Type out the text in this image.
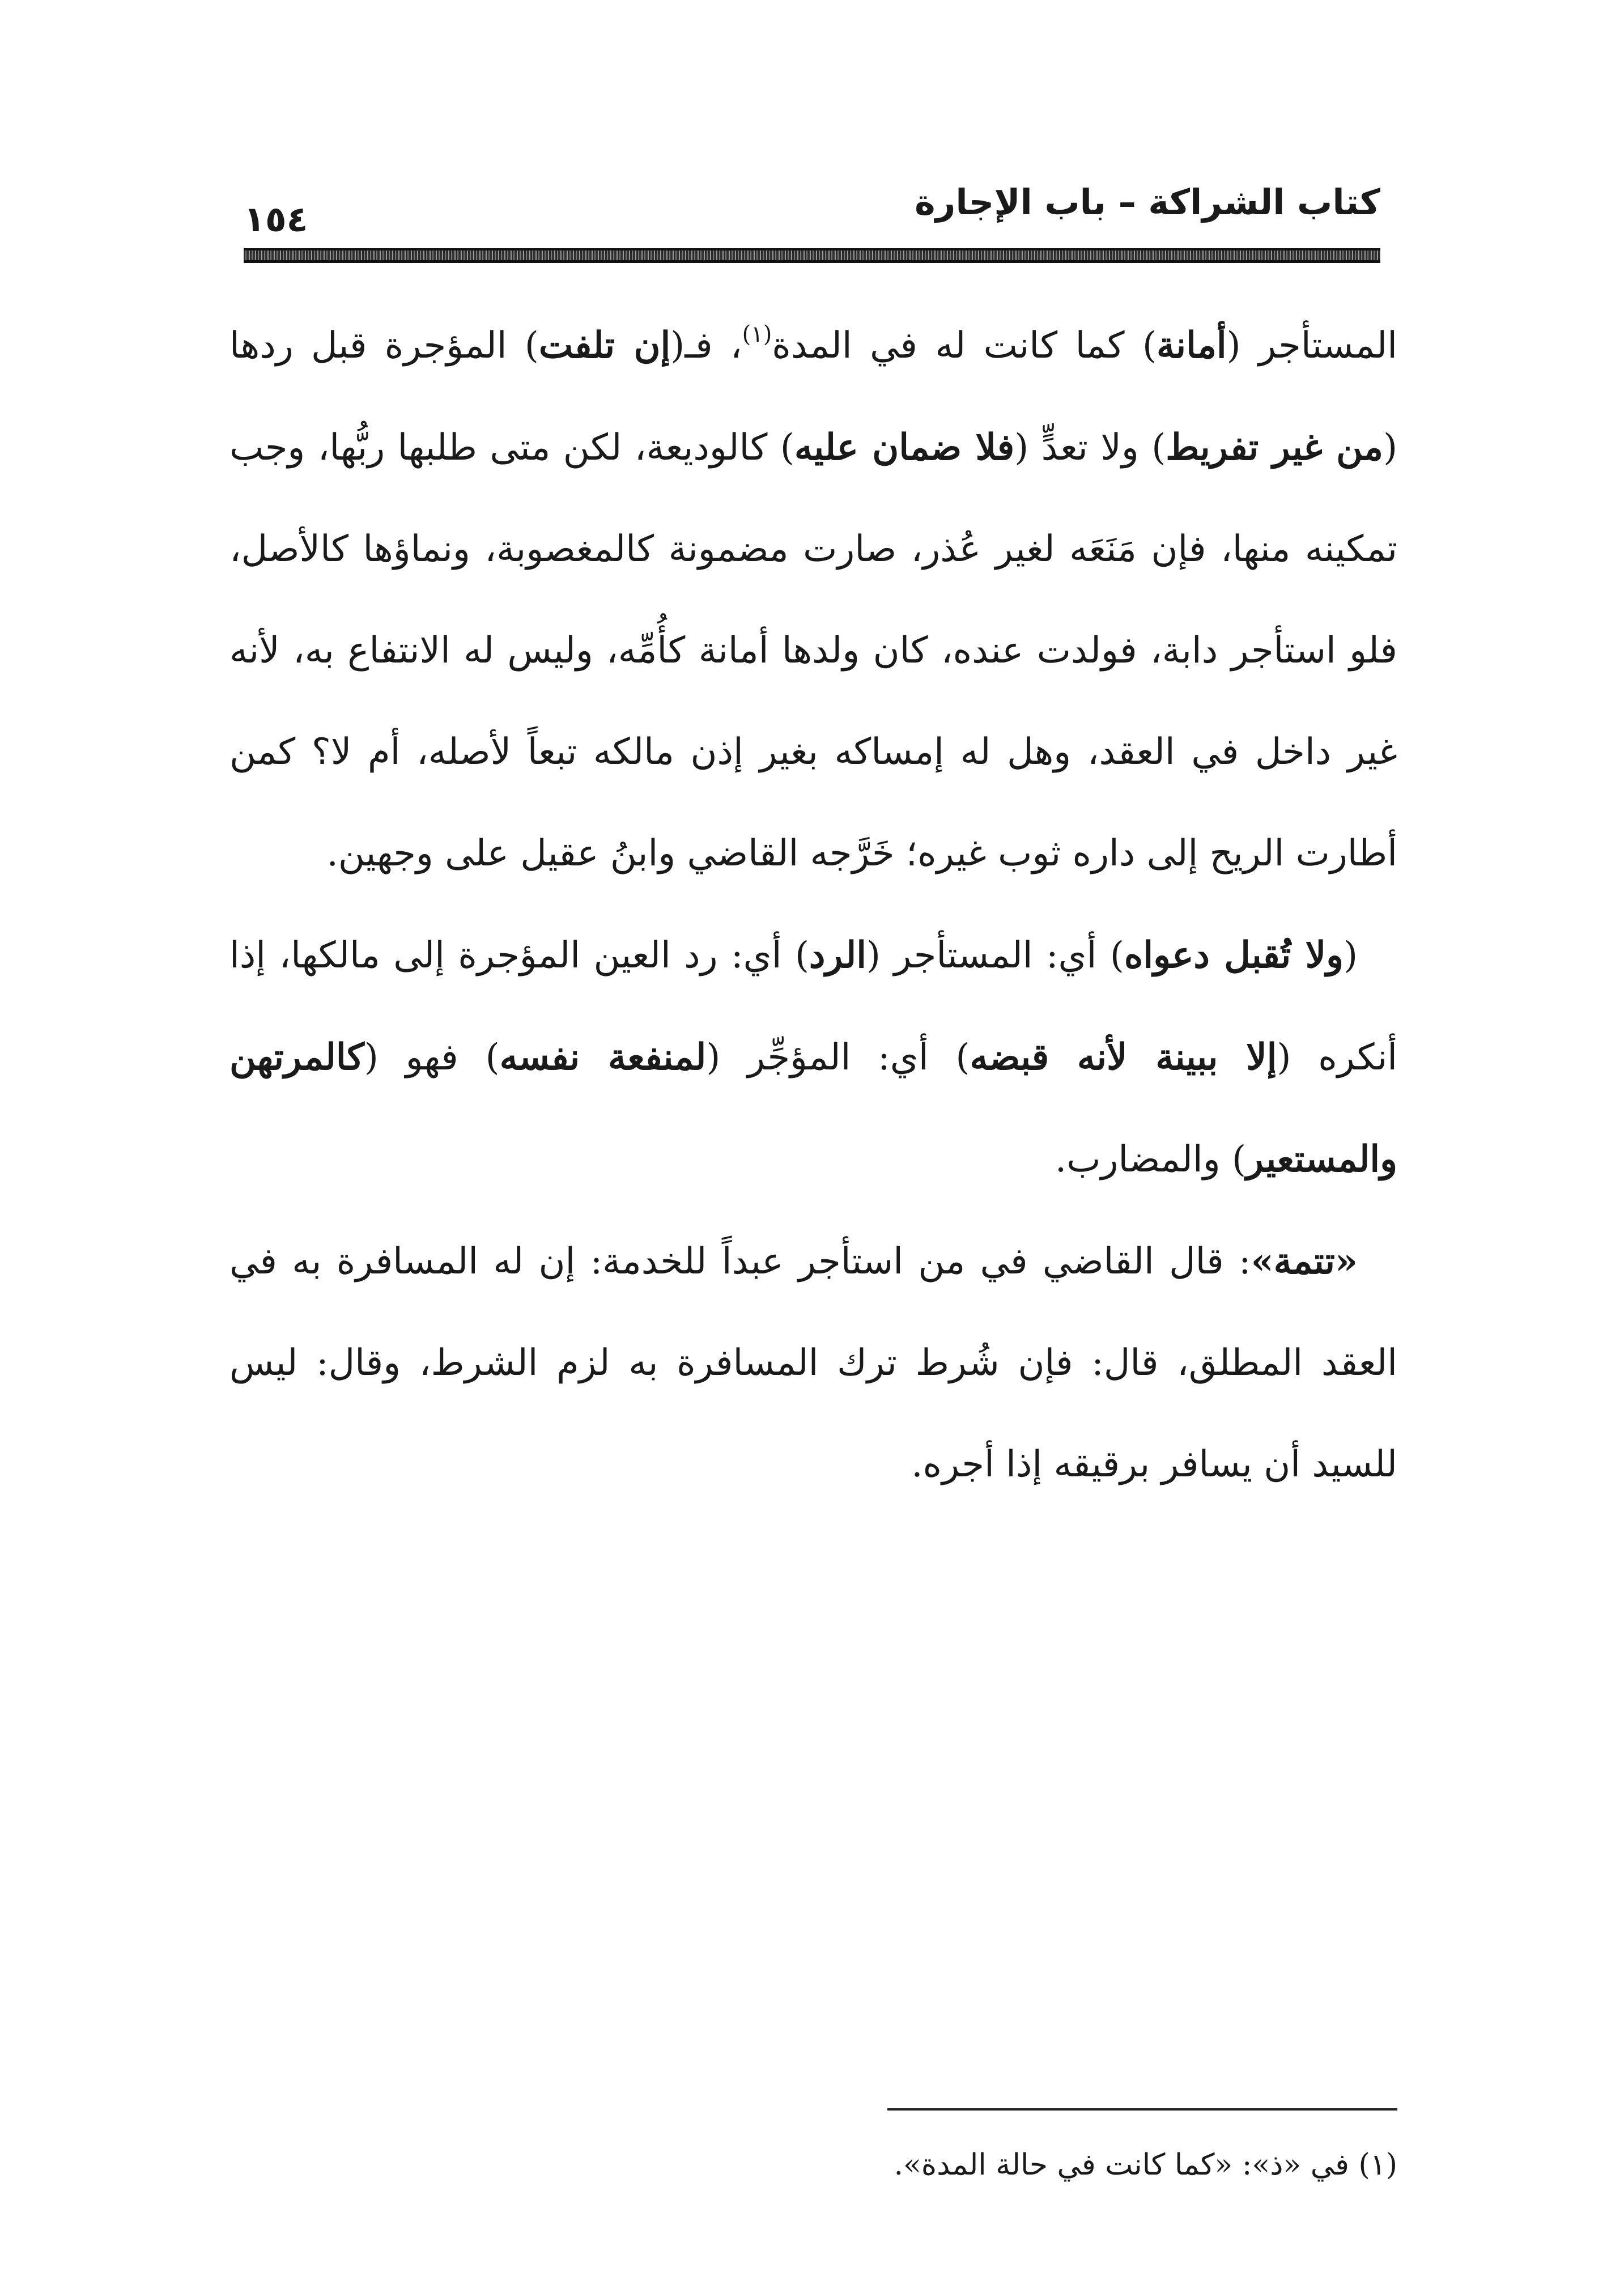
كتاب الشراكة – باب الإجارة
١٥٤

المستأجر (أمانة) كما كانت له في المدة$^{(١)}$، فـ(إن تلفت) المؤجرة قبل ردها (من غير تفريط) ولا تعدٍّ (فلا ضمان عليه) كالوديعة، لكن متى طلبها ربُّها، وجب تمكينه منها، فإن مَنَعَه لغير عُذر، صارت مضمونة كالمغصوبة، ونماؤها كالأصل، فلو استأجر دابة، فولدت عنده، كان ولدها أمانة كأُمِّه، وليس له الانتفاع به، لأنه غير داخل في العقد، وهل له إمساكه بغير إذن مالكه تبعاً لأصله، أم لا؟ كمن أطارت الريح إلى داره ثوب غيره؛ خَرَّجه القاضي وابنُ عقيل على وجهين.

(ولا تُقبل دعواه) أي: المستأجر (الرد) أي: رد العين المؤجرة إلى مالكها، إذا أنكره (إلا ببينة لأنه قبضه) أي: المؤجِّر (لمنفعة نفسه) فهو (كالمرتهن والمستعير) والمضارب.

«تتمة»: قال القاضي في من استأجر عبداً للخدمة: إن له المسافرة به في العقد المطلق، قال: فإن شُرط ترك المسافرة به لزم الشرط، وقال: ليس للسيد أن يسافر برقيقه إذا أجره.

(١) في «ذ»: «كما كانت في حالة المدة».
